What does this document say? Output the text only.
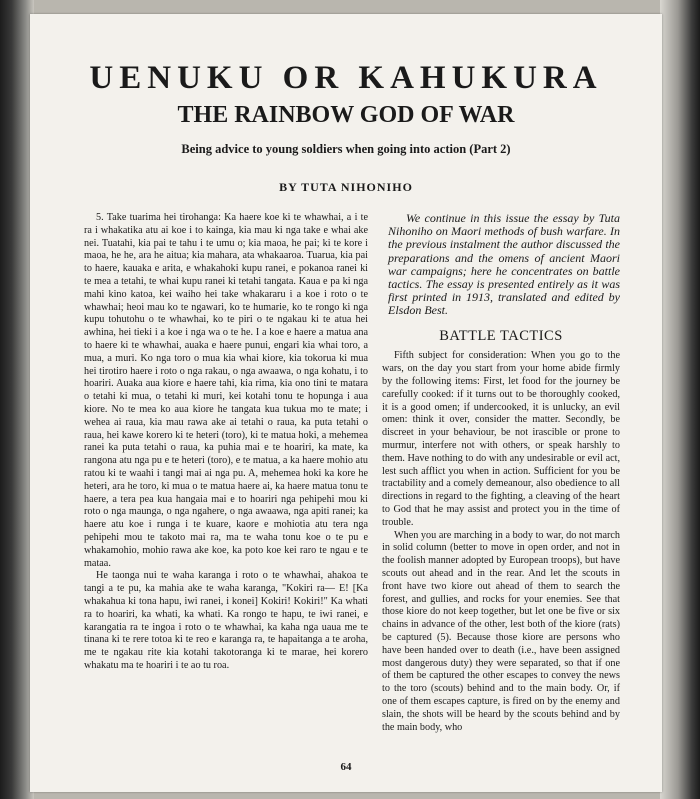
UENUKU OR KAHUKURA
THE RAINBOW GOD OF WAR

Being advice to young soldiers when going into action (Part 2)

BY TUTA NIHONIHO

5. Take tuarima hei tirohanga: Ka haere koe ki te whawhai, a i te ra i whakatika atu ai koe i to kainga, kia mau ki nga take e whai ake nei. Tuatahi, kia pai te tahu i te umu o; kia maoa, he pai; ki te kore i maoa, he he, ara he aitua; kia mahara, ata whakaaroa. Tuarua, kia pai to haere, kauaka e arita, e whakahoki kupu ranei, e pokanoa ranei ki te mea a tetahi, te whai kupu ranei ki tetahi tangata. Kaua e pa ki nga mahi kino katoa, kei waiho hei take whakararu i a koe i roto o te whawhai; heoi mau ko te ngawari, ko te humarie, ko te rongo ki nga kupu tohutohu o te whawhai, ko te piri o te ngakau ki te atua hei awhina, hei tieki i a koe i nga wa o te he. I a koe e haere a matua ana to haere ki te whawhai, auaka e haere punui, engari kia whai toro, a mua, a muri. Ko nga toro o mua kia whai kiore, kia tokorua ki mua hei tirotiro haere i roto o nga rakau, o nga awaawa, o nga kohatu, i to hoariri. Auaka aua kiore e haere tahi, kia rima, kia ono tini te matara o tetahi ki mua, o tetahi ki muri, kei kotahi tonu te hopunga i aua kiore. No te mea ko aua kiore he tangata kua tukua mo te mate; i wehea ai raua, kia mau rawa ake ai tetahi o raua, ka puta tetahi o raua, hei kawe korero ki te heteri (toro), ki te matua hoki, a mehemea ranei ka puta tetahi o raua, ka puhia mai e te hoariri, ka mate, ka rangona atu nga pu e te heteri (toro), e te matua, a ka haere mohio atu ratou ki te waahi i tangi mai ai nga pu. A, mehemea hoki ka kore he heteri, ara he toro, ki mua o te matua haere ai, ka haere matua tonu te haere, a tera pea kua hangaia mai e to hoariri nga pehipehi mou ki roto o nga maunga, o nga ngahere, o nga awaawa, nga apiti ranei; ka haere atu koe i runga i te kuare, kaore e mohiotia atu tera nga pehipehi mou te takoto mai ra, ma te waha tonu koe o te pu e whakamohio, mohio rawa ake koe, ka poto koe kei raro te ngau e te mataa.

He taonga nui te waha karanga i roto o te whawhai, ahakoa te tangi a te pu, ka mahia ake te waha karanga, "Kokiri ra— E! [Ka whakahua ki tona hapu, iwi ranei, i konei] Kokiri! Kokiri!" Ka whati ra to hoariri, ka whati, ka whati. Ka rongo te hapu, te iwi ranei, e karangatia ra te ingoa i roto o te whawhai, ka kaha nga uaua me te tinana ki te rere totoa ki te reo e karanga ra, te hapaitanga a te aroha, me te ngakau rite kia kotahi takotoranga ki te marae, hei korero whakatu ma te hoariri i te ao tu roa.

We continue in this issue the essay by Tuta Nihoniho on Maori methods of bush warfare. In the previous instalment the author discussed the preparations and the omens of ancient Maori war campaigns; here he concentrates on battle tactics. The essay is presented entirely as it was first printed in 1913, translated and edited by Elsdon Best.

BATTLE TACTICS

Fifth subject for consideration: When you go to the wars, on the day you start from your home abide firmly by the following items: First, let food for the journey be carefully cooked: if it turns out to be thoroughly cooked, it is a good omen; if undercooked, it is unlucky, an evil omen: think it over, consider the matter. Secondly, be discreet in your behaviour, be not irascible or prone to murmur, interfere not with others, or speak harshly to them. Have nothing to do with any undesirable or evil act, lest such afflict you when in action. Sufficient for you be tractability and a comely demeanour, also obedience to all directions in regard to the fighting, a cleaving of the heart to God that he may assist and protect you in the time of trouble.

When you are marching in a body to war, do not march in solid column (better to move in open order, and not in the foolish manner adopted by European troops), but have scouts out ahead and in the rear. And let the scouts in front have two kiore out ahead of them to search the forest, and gullies, and rocks for your enemies. See that those kiore do not keep together, but let one be five or six chains in advance of the other, lest both of the kiore (rats) be captured (5). Because those kiore are persons who have been handed over to death (i.e., have been assigned most dangerous duty) they were separated, so that if one of them be captured the other escapes to convey the news to the toro (scouts) behind and to the main body. Or, if one of them escapes capture, is fired on by the enemy and slain, the shots will be heard by the scouts behind and by the main body, who

64
